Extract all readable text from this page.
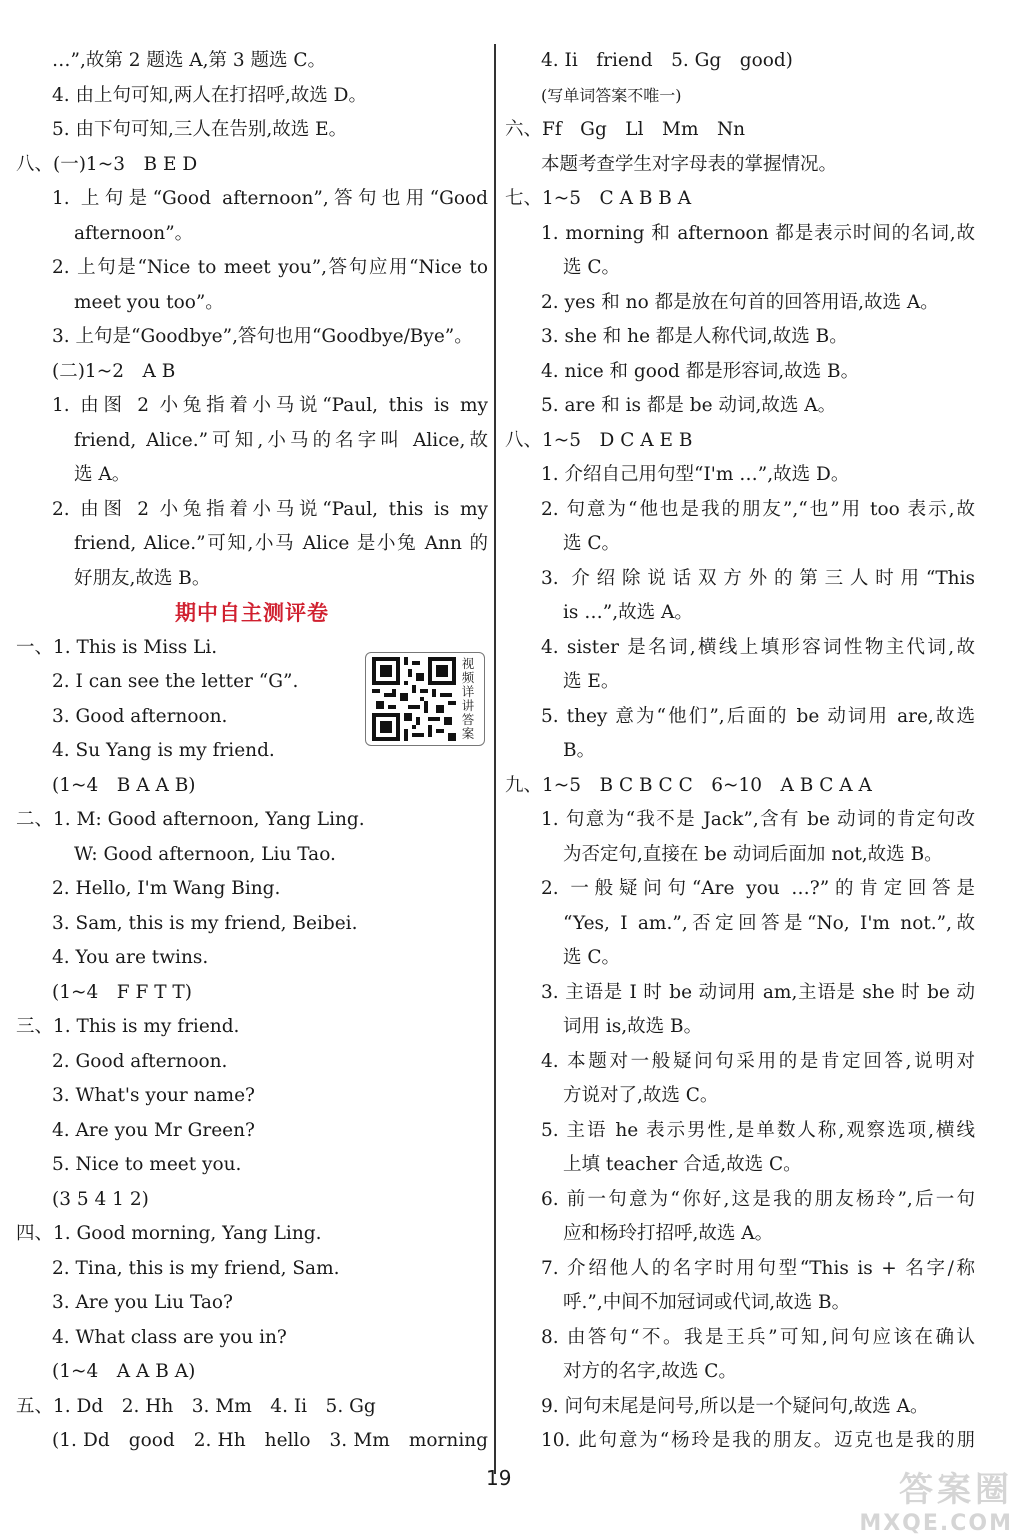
…”,故第 2 题选 A,第 3 题选 C。
4. 由上句可知,两人在打招呼,故选 D。
5. 由下句可知,三人在告别,故选 E。
八、(一)1~3　B E D
1. 上句是“Good afternoon”,答句也用“Good
afternoon”。
2. 上句是“Nice to meet you”,答句应用“Nice to
meet you too”。
3. 上句是“Goodbye”,答句也用“Goodbye/Bye”。
(二)1~2　A B
1. 由图 2 小兔指着小马说“Paul, this is my
friend, Alice.”可知,小马的名字叫 Alice,故
选 A。
2. 由图 2 小兔指着小马说“Paul, this is my
friend, Alice.”可知,小马 Alice 是小兔 Ann 的
好朋友,故选 B。
期中自主测评卷
一、1. This is Miss Li.
2. I can see the letter “G”.
3. Good afternoon.
4. Su Yang is my friend.
(1~4　B A A B)
二、1. M: Good afternoon, Yang Ling.
W: Good afternoon, Liu Tao.
2. Hello, I'm Wang Bing.
3. Sam, this is my friend, Beibei.
4. You are twins.
(1~4　F F T T)
三、1. This is my friend.
2. Good afternoon.
3. What's your name?
4. Are you Mr Green?
5. Nice to meet you.
(3 5 4 1 2)
四、1. Good morning, Yang Ling.
2. Tina, this is my friend, Sam.
3. Are you Liu Tao?
4. What class are you in?
(1~4　A A B A)
五、1. Dd　2. Hh　3. Mm　4. Ii　5. Gg
(1. Dd　good　2. Hh　hello　3. Mm　morning
4. Ii　friend　5. Gg　good)
(写单词答案不唯一)
六、Ff　Gg　Ll　Mm　Nn
本题考查学生对字母表的掌握情况。
七、1~5　C A B B A
1. morning 和 afternoon 都是表示时间的名词,故
选 C。
2. yes 和 no 都是放在句首的回答用语,故选 A。
3. she 和 he 都是人称代词,故选 B。
4. nice 和 good 都是形容词,故选 B。
5. are 和 is 都是 be 动词,故选 A。
八、1~5　D C A E B
1. 介绍自己用句型“I'm …”,故选 D。
2. 句意为“他也是我的朋友”,“也”用 too 表示,故
选 C。
3. 介绍除说话双方外的第三人时用“This
is …”,故选 A。
4. sister 是名词,横线上填形容词性物主代词,故
选 E。
5. they 意为“他们”,后面的 be 动词用 are,故选
B。
九、1~5　B C B C C　6~10　A B C A A
1. 句意为“我不是 Jack”,含有 be 动词的肯定句改
为否定句,直接在 be 动词后面加 not,故选 B。
2. 一般疑问句“Are you …?”的肯定回答是
“Yes, I am.”,否定回答是“No, I'm not.”,故
选 C。
3. 主语是 I 时 be 动词用 am,主语是 she 时 be 动
词用 is,故选 B。
4. 本题对一般疑问句采用的是肯定回答,说明对
方说对了,故选 C。
5. 主语 he 表示男性,是单数人称,观察选项,横线
上填 teacher 合适,故选 C。
6. 前一句意为“你好,这是我的朋友杨玲”,后一句
应和杨玲打招呼,故选 A。
7. 介绍他人的名字时用句型“This is + 名字/称
呼.”,中间不加冠词或代词,故选 B。
8. 由答句“不。我是王兵”可知,问句应该在确认
对方的名字,故选 C。
9. 问句末尾是问号,所以是一个疑问句,故选 A。
10. 此句意为“杨玲是我的朋友。迈克也是我的朋
视频详讲答案
19	答案圈
MXQE.COM
